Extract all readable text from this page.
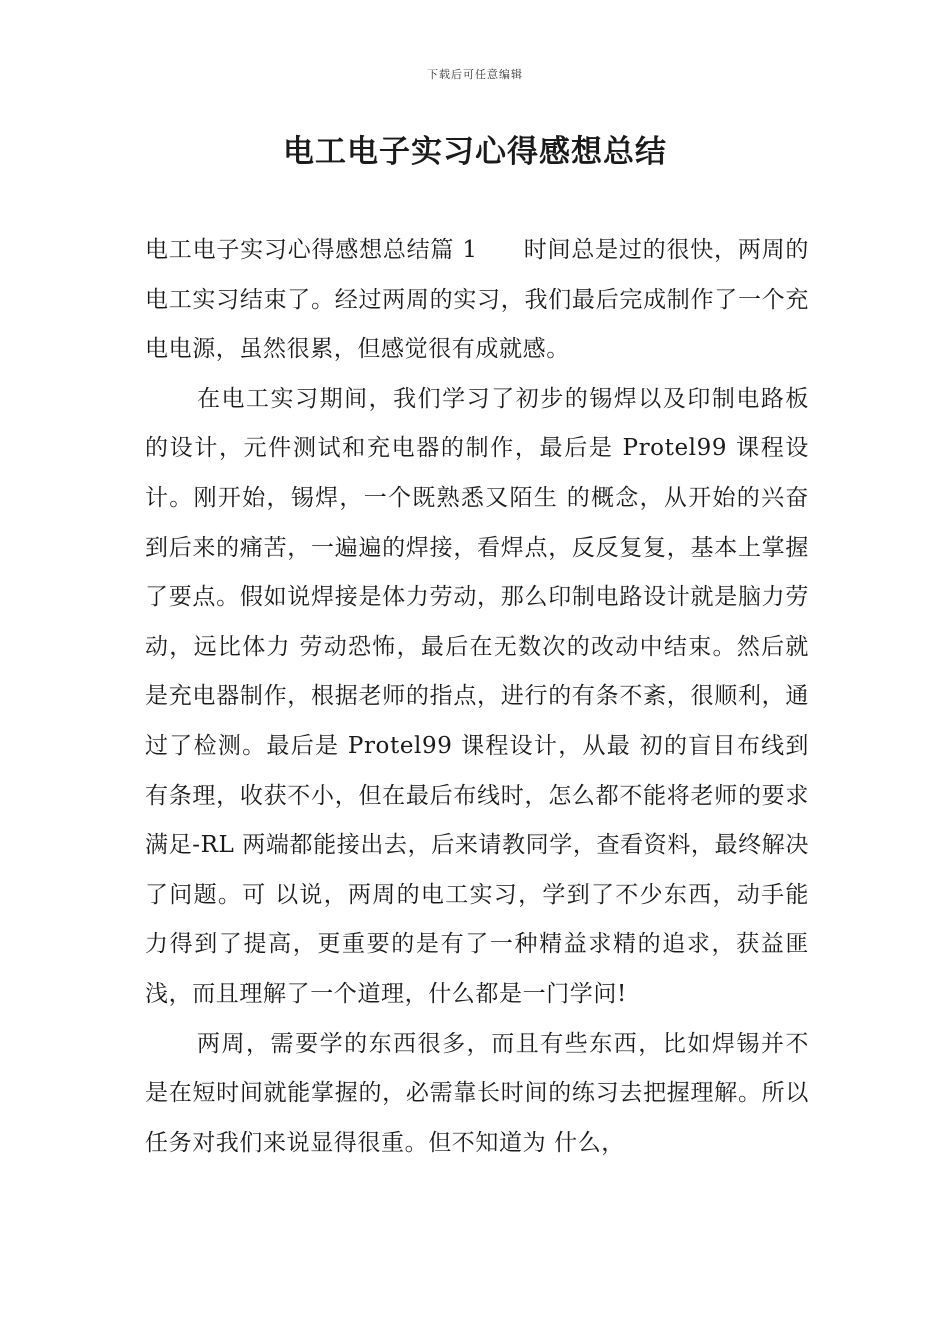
下载后可任意编辑
电工电子实习心得感想总结

电工电子实习心得感想总结篇 1 时间总是过的很快，两周的电工实习结束了。经过两周的实习，我们最后完成制作了一个充电电源，虽然很累，但感觉很有成就感。

在电工实习期间，我们学习了初步的锡焊以及印制电路板的设计，元件测试和充电器的制作，最后是 Protel99 课程设计。刚开始，锡焊，一个既熟悉又陌生 的概念，从开始的兴奋到后来的痛苦，一遍遍的焊接，看焊点，反反复复，基本上掌握了要点。假如说焊接是体力劳动，那么印制电路设计就是脑力劳动，远比体力 劳动恐怖，最后在无数次的改动中结束。然后就是充电器制作，根据老师的指点，进行的有条不紊，很顺利，通过了检测。最后是 Protel99 课程设计，从最 初的盲目布线到有条理，收获不小，但在最后布线时，怎么都不能将老师的要求满足-RL 两端都能接出去，后来请教同学，查看资料，最终解决了问题。可 以说，两周的电工实习，学到了不少东西，动手能力得到了提高，更重要的是有了一种精益求精的追求，获益匪浅，而且理解了一个道理，什么都是一门学问!

两周，需要学的东西很多，而且有些东西，比如焊锡并不是在短时间就能掌握的，必需靠长时间的练习去把握理解。所以任务对我们来说显得很重。但不知道为 什么，
